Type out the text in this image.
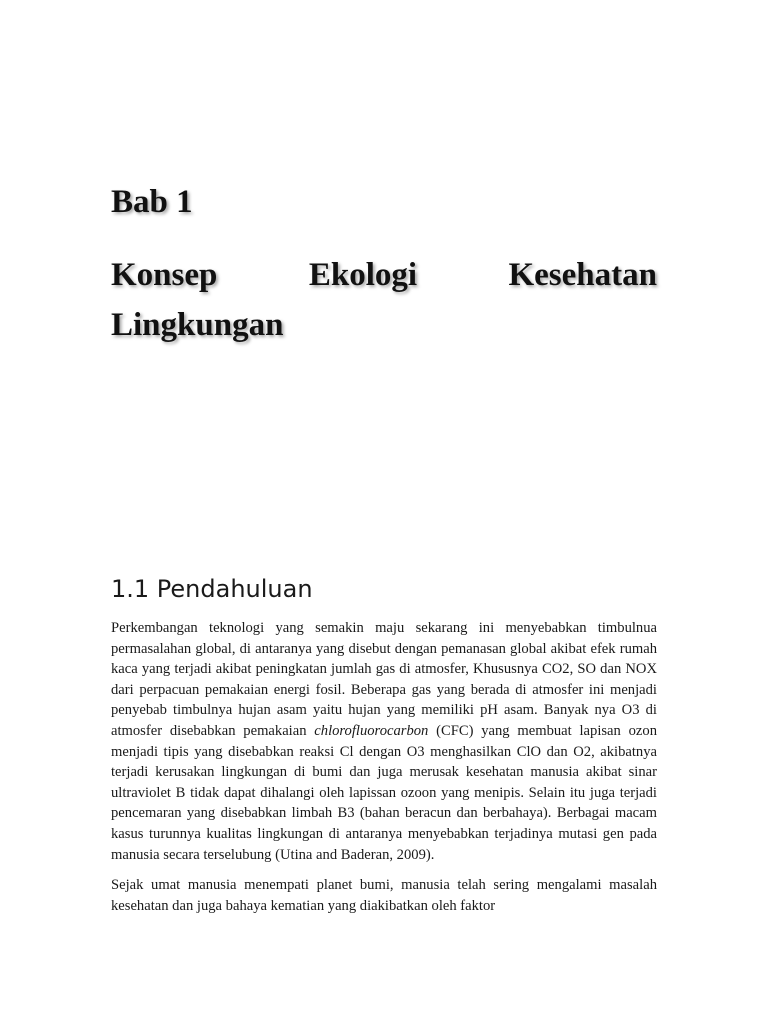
Bab 1
Konsep Ekologi Kesehatan Lingkungan
1.1 Pendahuluan

Perkembangan teknologi yang semakin maju sekarang ini menyebabkan timbulnua permasalahan global, di antaranya yang disebut dengan pemanasan global akibat efek rumah kaca yang terjadi akibat peningkatan jumlah gas di atmosfer, Khususnya CO2, SO dan NOX dari perpacuan pemakaian energi fosil. Beberapa gas yang berada di atmosfer ini menjadi penyebab timbulnya hujan asam yaitu hujan yang memiliki pH asam. Banyak nya O3 di atmosfer disebabkan pemakaian chlorofluorocarbon (CFC) yang membuat lapisan ozon menjadi tipis yang disebabkan reaksi Cl dengan O3 menghasilkan ClO dan O2, akibatnya terjadi kerusakan lingkungan di bumi dan juga merusak kesehatan manusia akibat sinar ultraviolet B tidak dapat dihalangi oleh lapissan ozoon yang menipis. Selain itu juga terjadi pencemaran yang disebabkan limbah B3 (bahan beracun dan berbahaya). Berbagai macam kasus turunnya kualitas lingkungan di antaranya menyebabkan terjadinya mutasi gen pada manusia secara terselubung (Utina and Baderan, 2009).

Sejak umat manusia menempati planet bumi, manusia telah sering mengalami masalah kesehatan dan juga bahaya kematian yang diakibatkan oleh faktor
